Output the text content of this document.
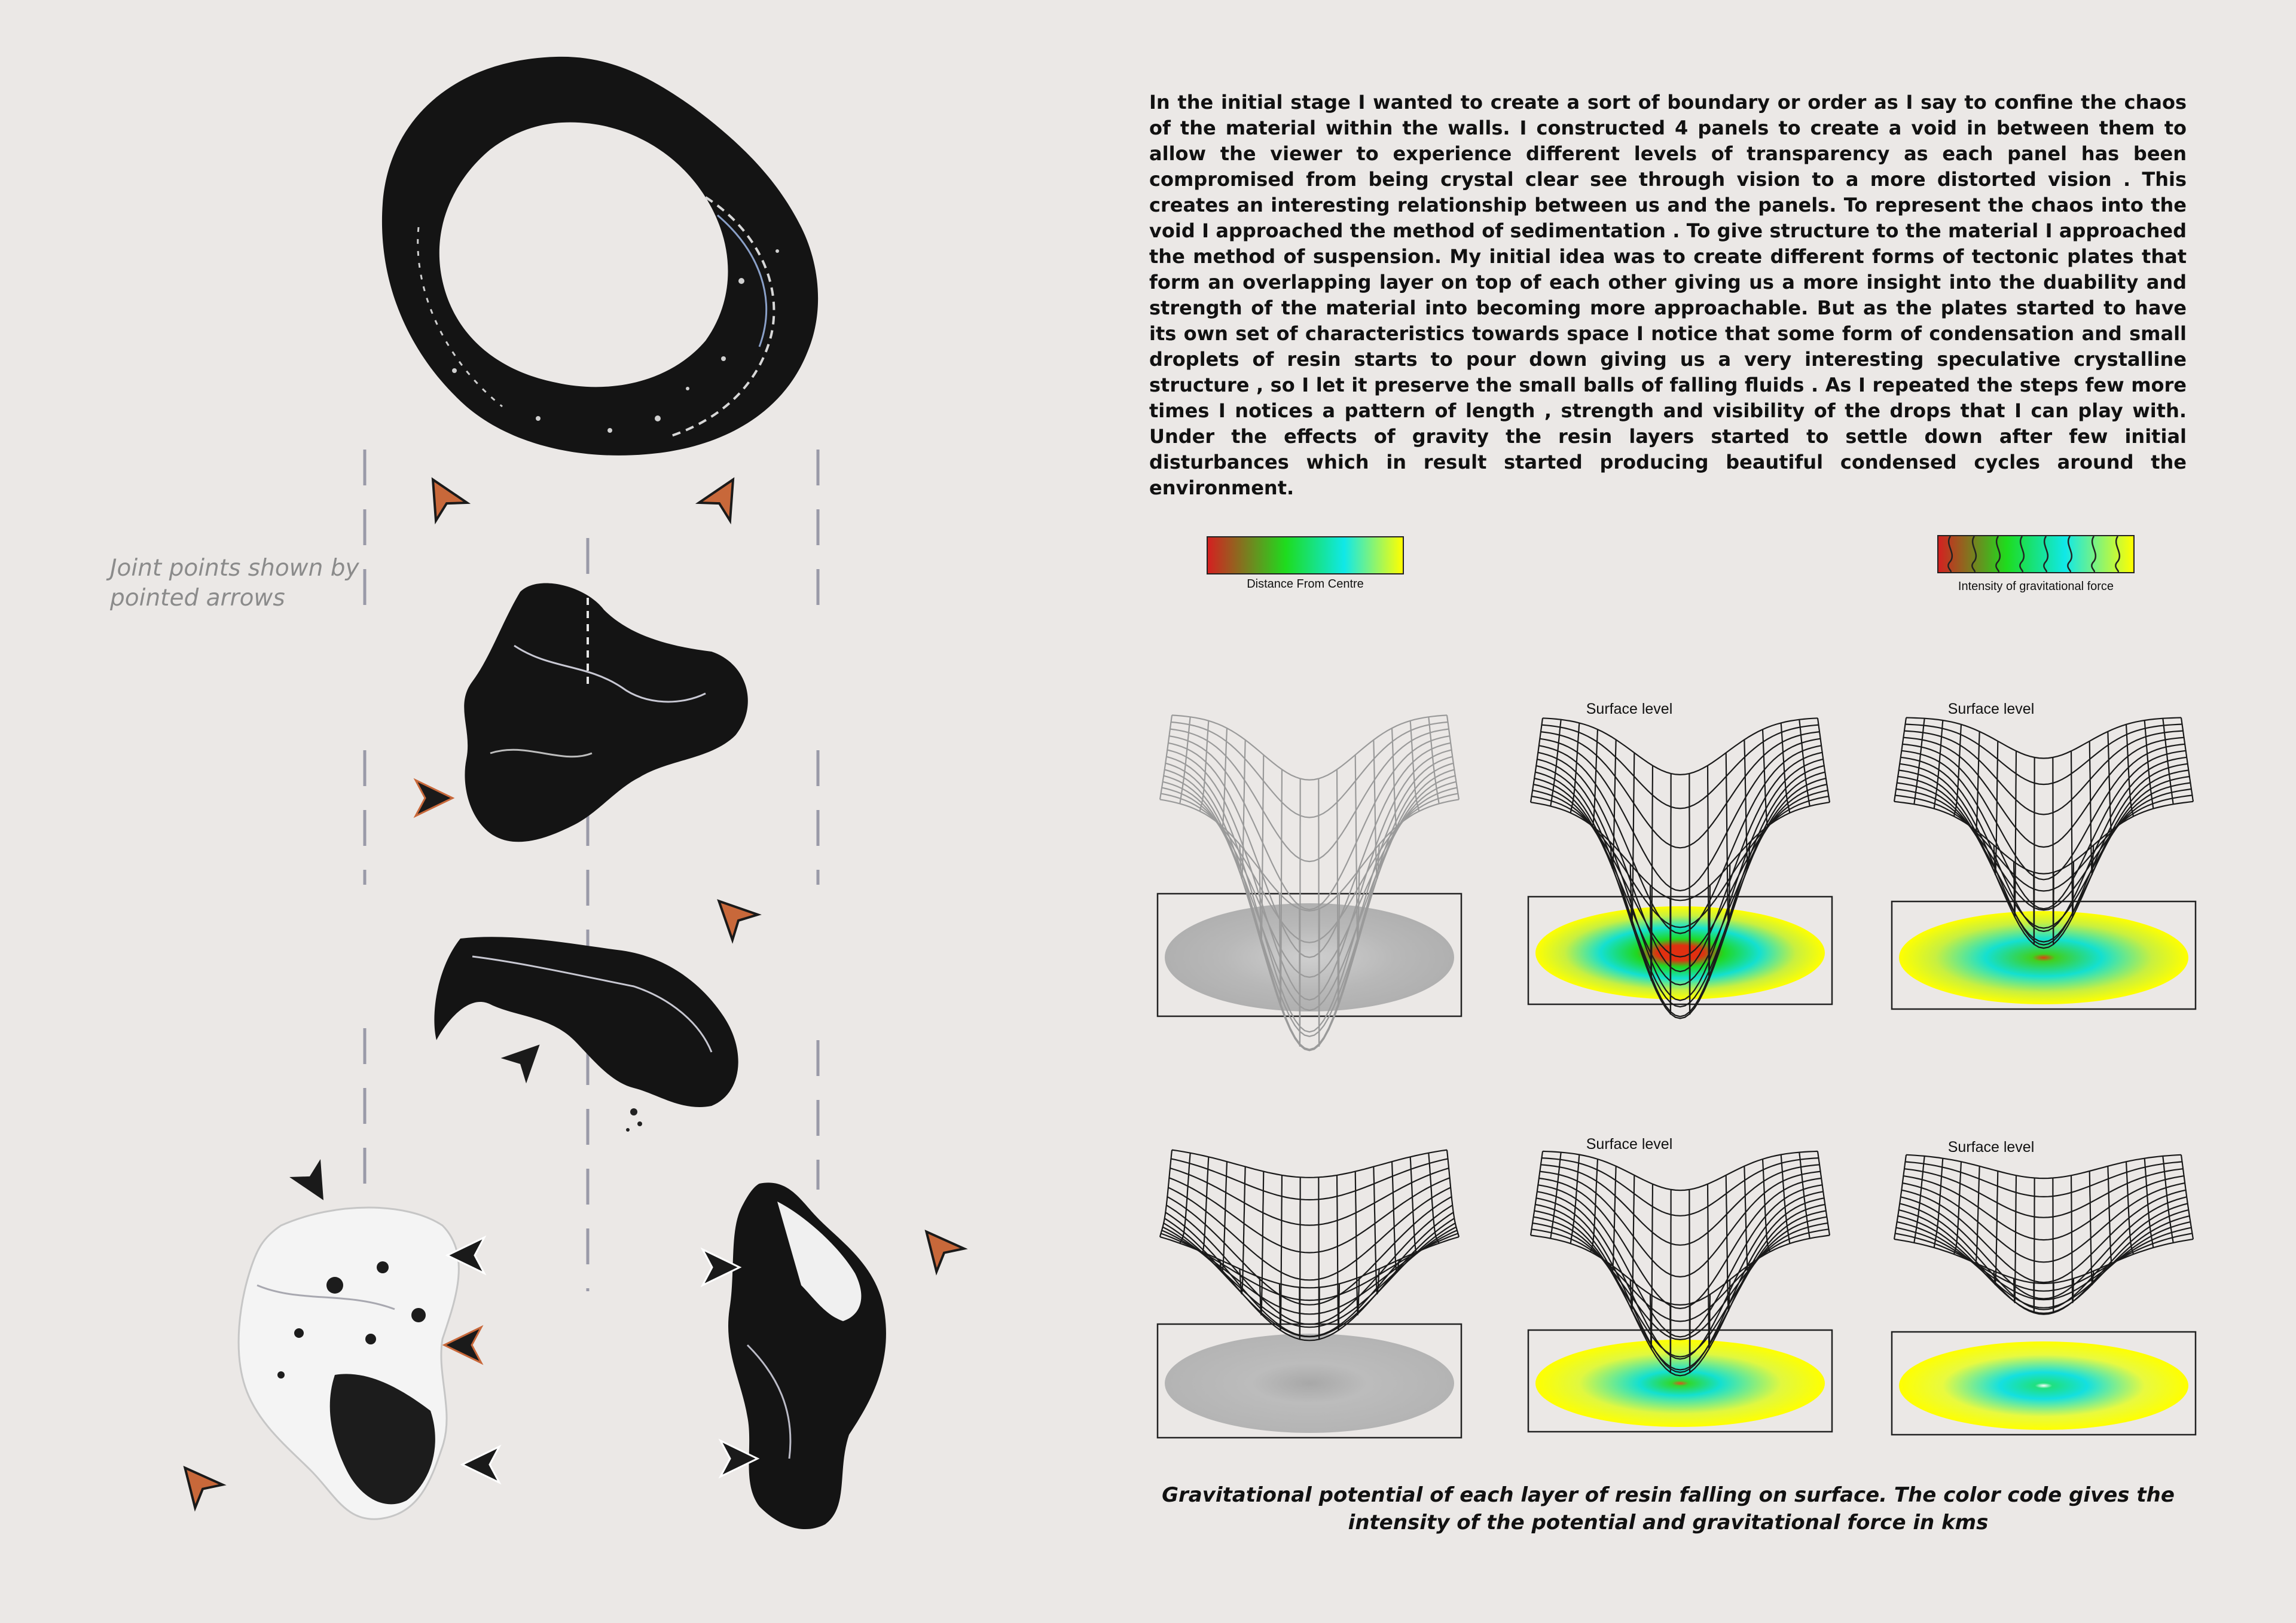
Joint points shown by pointed arrows

In the initial stage I wanted to create a sort of boundary or order as I say to confine the chaos of the material within the walls. I constructed 4 panels to create a void in between them to allow the viewer to experience different levels of transparency as each panel has been compromised from being crystal clear see through vision to a more distorted vision . This creates an interesting relationship between us and the panels. To represent the chaos into the void I approached the method of sedimentation . To give structure to the material I approached the method of suspension. My initial idea was to create different forms of tectonic plates that form an overlapping layer on top of each other giving us a more insight into the duability and strength of the material into becoming more approachable. But as the plates started to have its own set of characteristics towards space I notice that some form of condensation and small droplets of resin starts to pour down giving us a very interesting speculative crystalline structure , so I let it preserve the small balls of falling fluids . As I repeated the steps few more times I notices a pattern of length , strength and visibility of the drops that I can play with. Under the effects of gravity the resin layers started to settle down after few initial disturbances which in result started producing beautiful condensed cycles around the environment.

Distance From Centre	Intensity of gravitational force
Surface level	Surface level
Surface level	Surface level
Gravitational potential of each layer of resin falling on surface. The color code gives the intensity of the potential and gravitational force in kms
